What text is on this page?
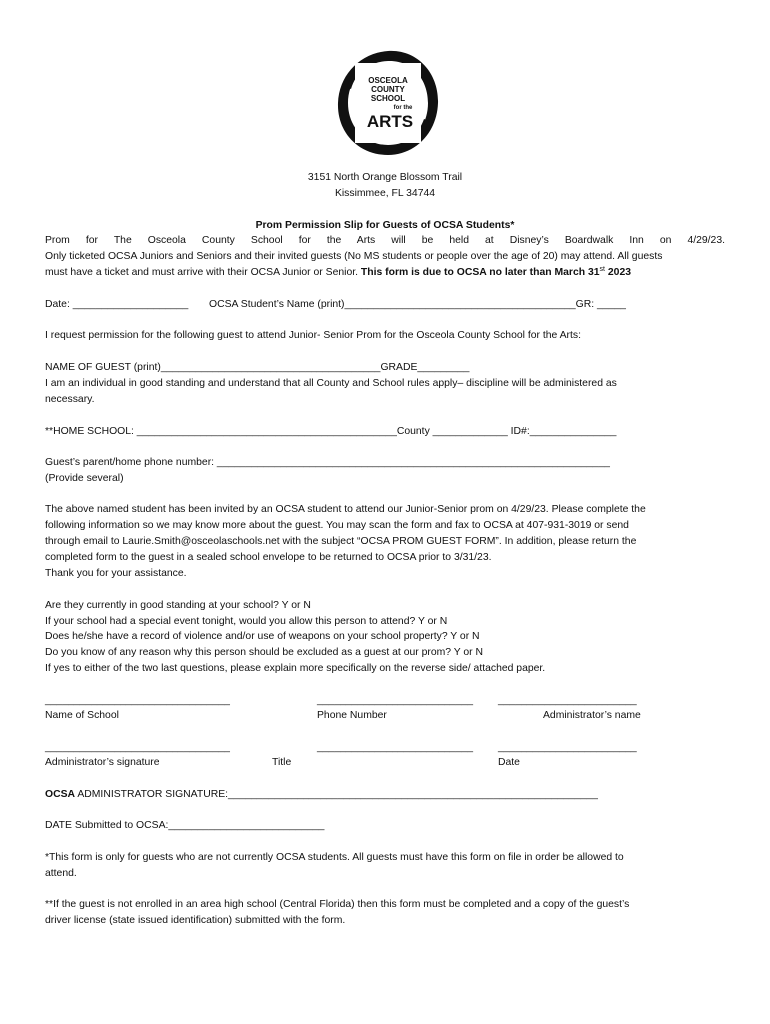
OSCEOLA
COUNTY
SCHOOL
for the
ARTS
3151 North Orange Blossom Trail
Kissimmee, FL 34744
Prom Permission Slip for Guests of OCSA Students*
Prom for The Osceola County School for the Arts will be held at Disney’s Boardwalk Inn on 4/29/23.
Only ticketed OCSA Juniors and Seniors and their invited guests (No MS students or people over the age of 20) may attend. All guests
must have a ticket and must arrive with their OCSA Junior or Senior. This form is due to OCSA no later than March 31st 2023
Date: ____________________ OCSA Student’s Name (print)________________________________________GR: _____
I request permission for the following guest to attend Junior- Senior Prom for the Osceola County School for the Arts:
NAME OF GUEST (print)______________________________________GRADE_________
I am an individual in good standing and understand that all County and School rules apply– discipline will be administered as
necessary.
**HOME SCHOOL: _____________________________________________County _____________ ID#:_______________
Guest’s parent/home phone number: ____________________________________________________________________
(Provide several)
The above named student has been invited by an OCSA student to attend our Junior-Senior prom on 4/29/23. Please complete the
following information so we may know more about the guest. You may scan the form and fax to OCSA at 407-931-3019 or send
through email to Laurie.Smith@osceolaschools.net with the subject “OCSA PROM GUEST FORM”. In addition, please return the
completed form to the guest in a sealed school envelope to be returned to OCSA prior to 3/31/23.
Thank you for your assistance.
Are they currently in good standing at your school? Y or N
If your school had a special event tonight, would you allow this person to attend? Y or N
Does he/she have a record of violence and/or use of weapons on your school property? Y or N
Do you know of any reason why this person should be excluded as a guest at our prom? Y or N
If yes to either of the two last questions, please explain more specifically on the reverse side/ attached paper.
________________________________	___________________________ ________________________
Name of School	Phone Number	Administrator’s name
________________________________	___________________________ ________________________
Administrator’s signature	Title	Date
OCSA ADMINISTRATOR SIGNATURE:________________________________________________________________
DATE Submitted to OCSA:___________________________
*This form is only for guests who are not currently OCSA students. All guests must have this form on file in order be allowed to
attend.
**If the guest is not enrolled in an area high school (Central Florida) then this form must be completed and a copy of the guest’s
driver license (state issued identification) submitted with the form.
